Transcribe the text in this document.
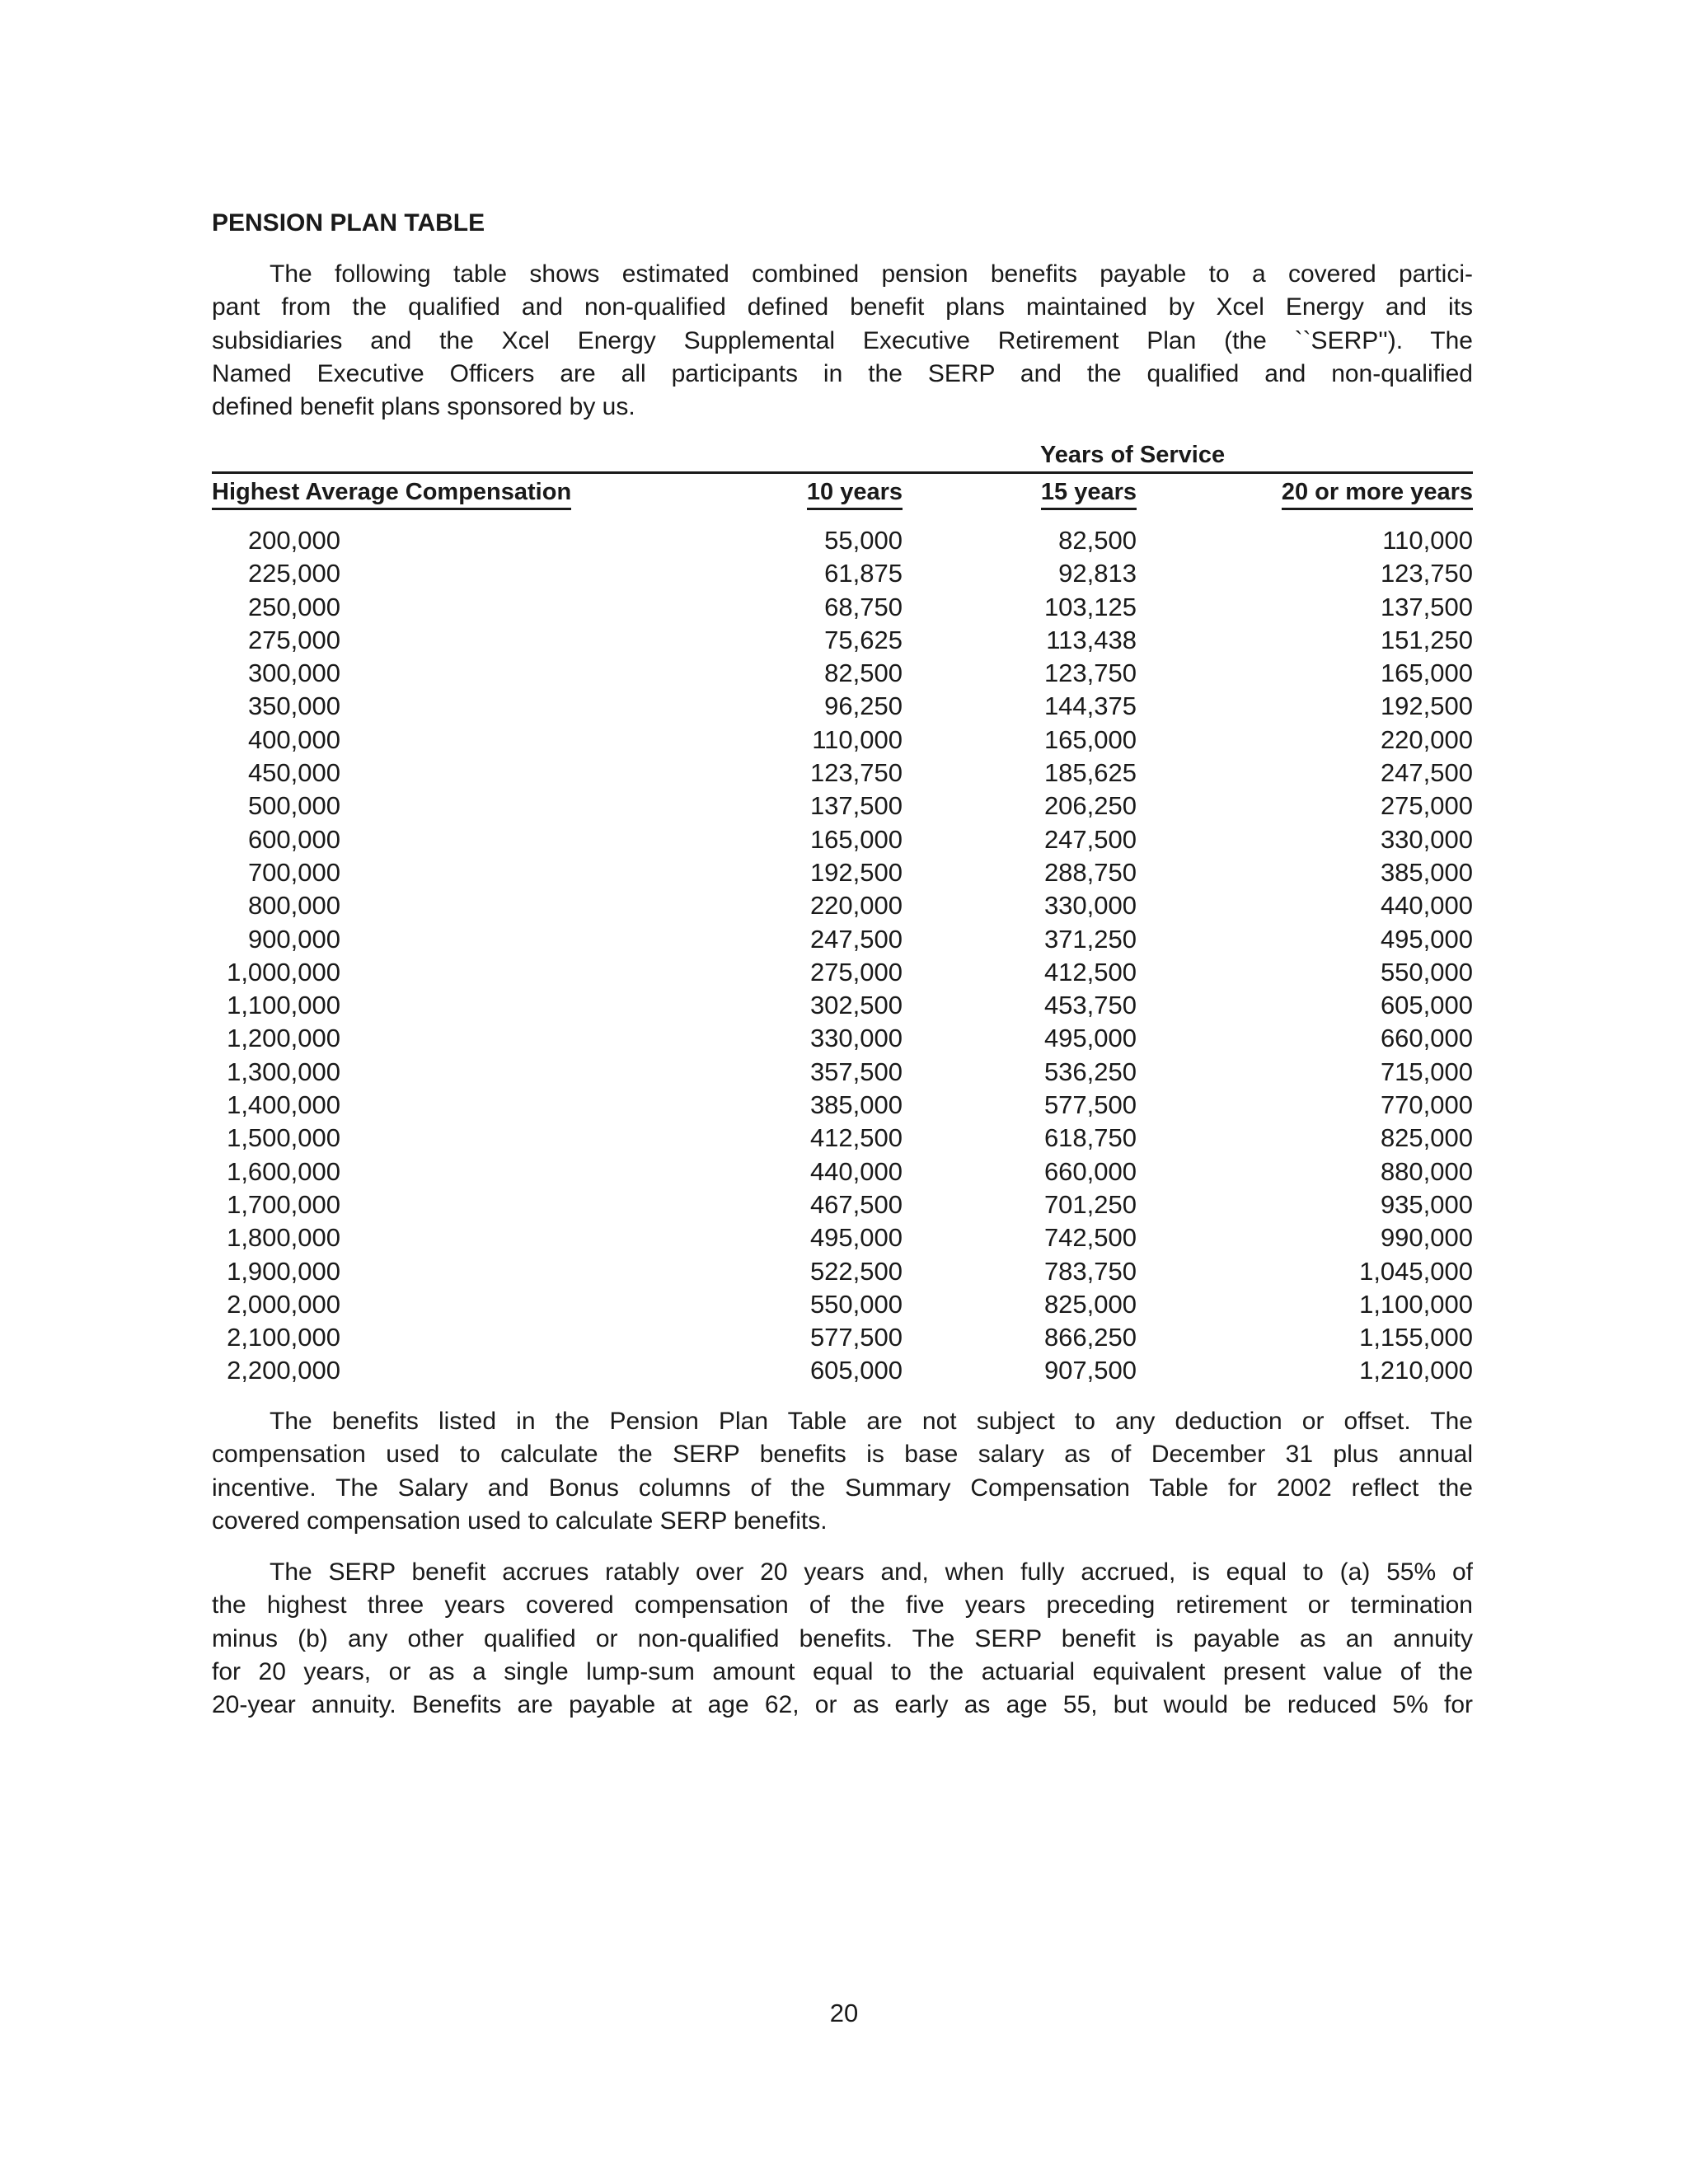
PENSION PLAN TABLE
The following table shows estimated combined pension benefits payable to a covered partici-
pant from the qualified and non-qualified defined benefit plans maintained by Xcel Energy and its
subsidiaries and the Xcel Energy Supplemental Executive Retirement Plan (the ``SERP''). The
Named Executive Officers are all participants in the SERP and the qualified and non-qualified
defined benefit plans sponsored by us.
Years of Service
Highest Average Compensation	10 years	15 years	20 or more years
200,000	55,000	82,500	110,000
225,000	61,875	92,813	123,750
250,000	68,750	103,125	137,500
275,000	75,625	113,438	151,250
300,000	82,500	123,750	165,000
350,000	96,250	144,375	192,500
400,000	110,000	165,000	220,000
450,000	123,750	185,625	247,500
500,000	137,500	206,250	275,000
600,000	165,000	247,500	330,000
700,000	192,500	288,750	385,000
800,000	220,000	330,000	440,000
900,000	247,500	371,250	495,000
1,000,000	275,000	412,500	550,000
1,100,000	302,500	453,750	605,000
1,200,000	330,000	495,000	660,000
1,300,000	357,500	536,250	715,000
1,400,000	385,000	577,500	770,000
1,500,000	412,500	618,750	825,000
1,600,000	440,000	660,000	880,000
1,700,000	467,500	701,250	935,000
1,800,000	495,000	742,500	990,000
1,900,000	522,500	783,750	1,045,000
2,000,000	550,000	825,000	1,100,000
2,100,000	577,500	866,250	1,155,000
2,200,000	605,000	907,500	1,210,000
The benefits listed in the Pension Plan Table are not subject to any deduction or offset. The
compensation used to calculate the SERP benefits is base salary as of December 31 plus annual
incentive. The Salary and Bonus columns of the Summary Compensation Table for 2002 reflect the
covered compensation used to calculate SERP benefits.
The SERP benefit accrues ratably over 20 years and, when fully accrued, is equal to (a) 55% of
the highest three years covered compensation of the five years preceding retirement or termination
minus (b) any other qualified or non-qualified benefits. The SERP benefit is payable as an annuity
for 20 years, or as a single lump-sum amount equal to the actuarial equivalent present value of the
20-year annuity. Benefits are payable at age 62, or as early as age 55, but would be reduced 5% for
20
